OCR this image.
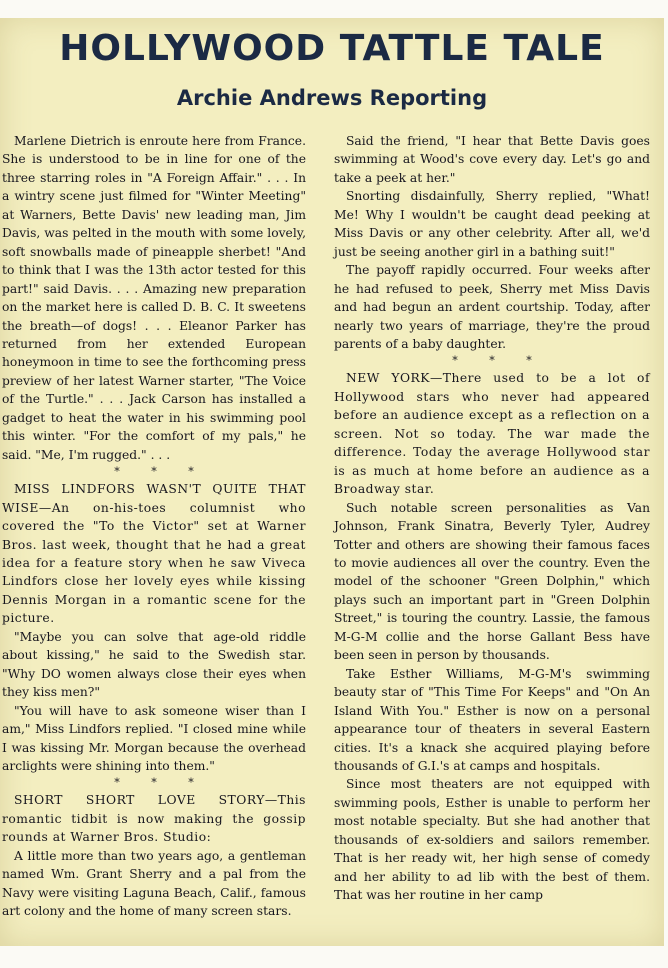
HOLLYWOOD TATTLE TALE
Archie Andrews Reporting

Marlene Dietrich is enroute here from France. She is understood to be in line for one of the three starring roles in "A Foreign Affair." . . . In a wintry scene just filmed for "Winter Meeting" at Warners, Bette Davis' new leading man, Jim Davis, was pelted in the mouth with some lovely, soft snowballs made of pineapple sherbet! "And to think that I was the 13th actor tested for this part!" said Davis. . . . Amazing new preparation on the market here is called D. B. C. It sweetens the breath—of dogs! . . . Eleanor Parker has returned from her extended European honeymoon in time to see the forthcoming press preview of her latest Warner starter, "The Voice of the Turtle." . . . Jack Carson has installed a gadget to heat the water in his swimming pool this winter. "For the comfort of my pals," he said. "Me, I'm rugged." . . .

* * *

MISS LINDFORS WASN'T QUITE THAT WISE—An on-his-toes columnist who covered the "To the Victor" set at Warner Bros. last week, thought that he had a great idea for a feature story when he saw Viveca Lindfors close her lovely eyes while kissing Dennis Morgan in a romantic scene for the picture.

"Maybe you can solve that age-old riddle about kissing," he said to the Swedish star. "Why DO women always close their eyes when they kiss men?"

"You will have to ask someone wiser than I am," Miss Lindfors replied. "I closed mine while I was kissing Mr. Morgan because the overhead arclights were shining into them."

* * *

SHORT SHORT LOVE STORY—This romantic tidbit is now making the gossip rounds at Warner Bros. Studio:

A little more than two years ago, a gentleman named Wm. Grant Sherry and a pal from the Navy were visiting Laguna Beach, Calif., famous art colony and the home of many screen stars.

Said the friend, "I hear that Bette Davis goes swimming at Wood's cove every day. Let's go and take a peek at her."

Snorting disdainfully, Sherry replied, "What! Me! Why I wouldn't be caught dead peeking at Miss Davis or any other celebrity. After all, we'd just be seeing another girl in a bathing suit!"

The payoff rapidly occurred. Four weeks after he had refused to peek, Sherry met Miss Davis and had begun an ardent courtship. Today, after nearly two years of marriage, they're the proud parents of a baby daughter.

* * *

NEW YORK—There used to be a lot of Hollywood stars who never had appeared before an audience except as a reflection on a screen. Not so today. The war made the difference. Today the average Hollywood star is as much at home before an audience as a Broadway star.

Such notable screen personalities as Van Johnson, Frank Sinatra, Beverly Tyler, Audrey Totter and others are showing their famous faces to movie audiences all over the country. Even the model of the schooner "Green Dolphin," which plays such an important part in "Green Dolphin Street," is touring the country. Lassie, the famous M-G-M collie and the horse Gallant Bess have been seen in person by thousands.

Take Esther Williams, M-G-M's swimming beauty star of "This Time For Keeps" and "On An Island With You." Esther is now on a personal appearance tour of theaters in several Eastern cities. It's a knack she acquired playing before thousands of G.I.'s at camps and hospitals.

Since most theaters are not equipped with swimming pools, Esther is unable to perform her most notable specialty. But she had another that thousands of ex-soldiers and sailors remember. That is her ready wit, her high sense of comedy and her ability to ad lib with the best of them. That was her routine in her camp
